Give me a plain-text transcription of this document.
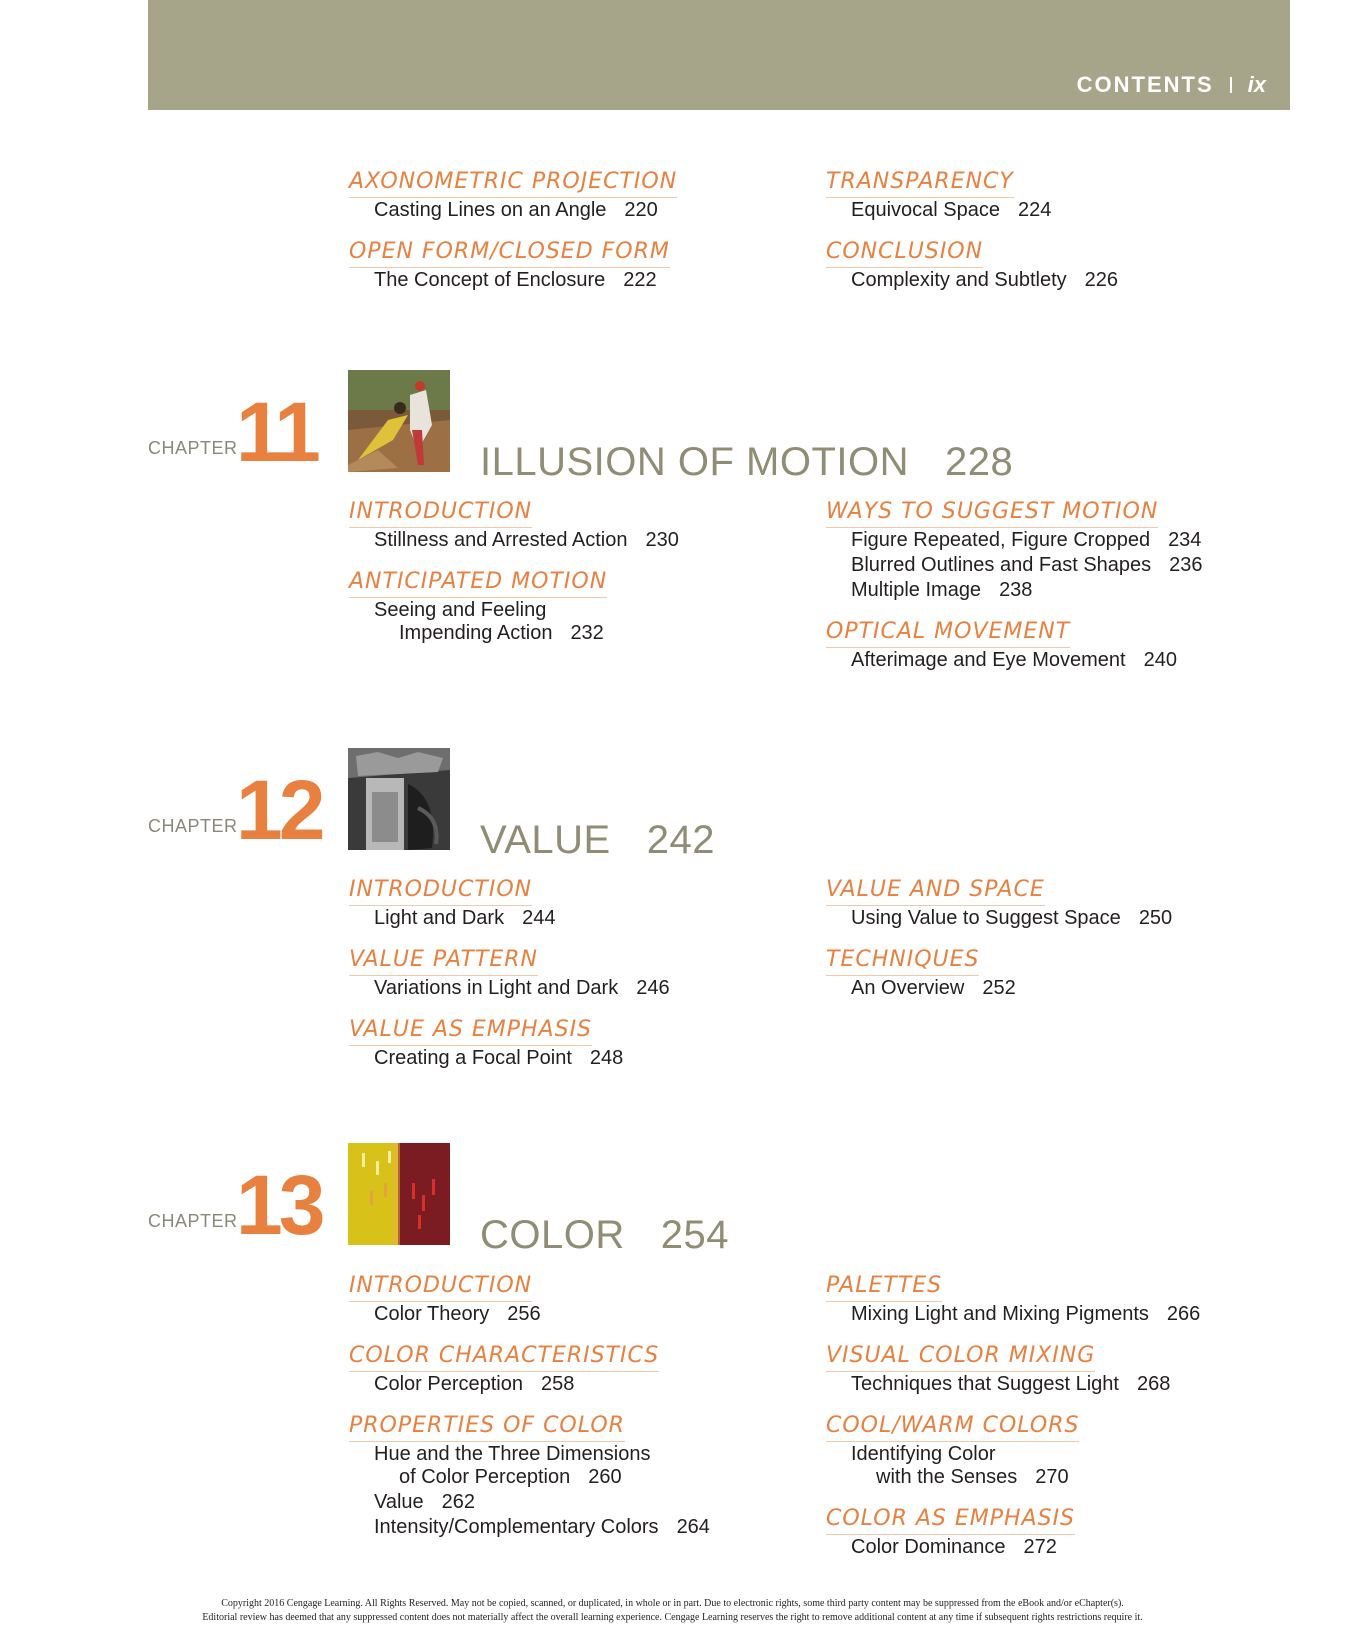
CONTENTS ix
AXONOMETRIC PROJECTION
Casting Lines on an Angle 220
OPEN FORM/CLOSED FORM
The Concept of Enclosure 222
TRANSPARENCY
Equivocal Space 224
CONCLUSION
Complexity and Subtlety 226
CHAPTER
11	ILLUSION OF MOTION 228
INTRODUCTION
Stillness and Arrested Action 230
ANTICIPATED MOTION
Seeing and Feeling
Impending Action 232
WAYS TO SUGGEST MOTION
Figure Repeated, Figure Cropped 234
Blurred Outlines and Fast Shapes 236
Multiple Image 238
OPTICAL MOVEMENT
Afterimage and Eye Movement 240
CHAPTER
12	VALUE 242
INTRODUCTION
Light and Dark 244
VALUE PATTERN
Variations in Light and Dark 246
VALUE AS EMPHASIS
Creating a Focal Point 248
VALUE AND SPACE
Using Value to Suggest Space 250
TECHNIQUES
An Overview 252
CHAPTER
13	COLOR 254
INTRODUCTION
Color Theory 256
COLOR CHARACTERISTICS
Color Perception 258
PROPERTIES OF COLOR
Hue and the Three Dimensions
of Color Perception 260
Value 262
Intensity/Complementary Colors 264
PALETTES
Mixing Light and Mixing Pigments 266
VISUAL COLOR MIXING
Techniques that Suggest Light 268
COOL/WARM COLORS
Identifying Color
with the Senses 270
COLOR AS EMPHASIS
Color Dominance 272
Copyright 2016 Cengage Learning. All Rights Reserved. May not be copied, scanned, or duplicated, in whole or in part. Due to electronic rights, some third party content may be suppressed from the eBook and/or eChapter(s).
Editorial review has deemed that any suppressed content does not materially affect the overall learning experience. Cengage Learning reserves the right to remove additional content at any time if subsequent rights restrictions require it.
